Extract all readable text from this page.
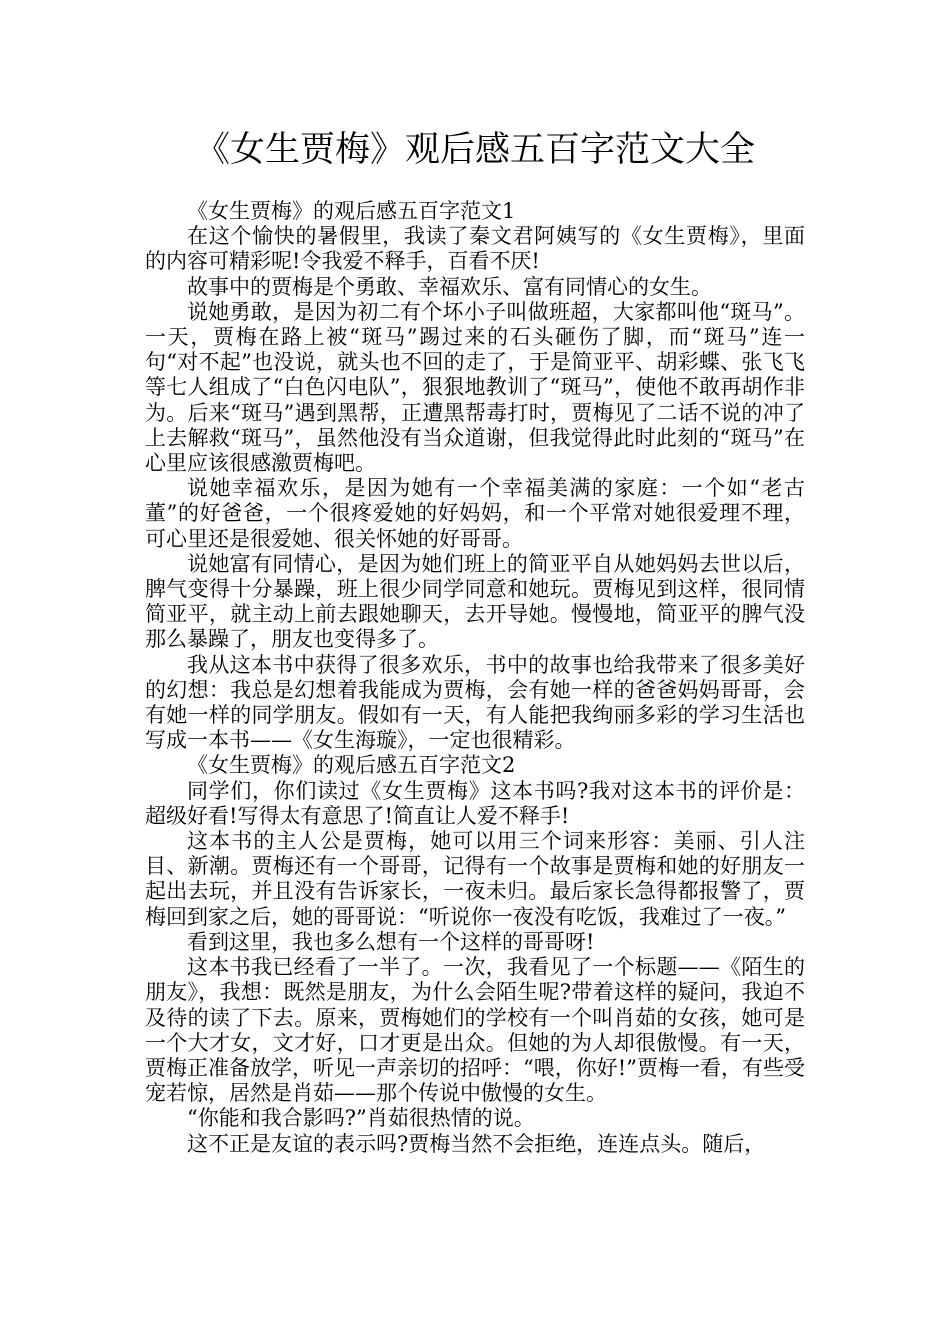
《女生贾梅》观后感五百字范文大全

《女生贾梅》的观后感五百字范文1

在这个愉快的暑假里，我读了秦文君阿姨写的《女生贾梅》，里面的内容可精彩呢!令我爱不释手，百看不厌!

故事中的贾梅是个勇敢、幸福欢乐、富有同情心的女生。

说她勇敢，是因为初二有个坏小子叫做班超，大家都叫他“斑马”。一天，贾梅在路上被“斑马”踢过来的石头砸伤了脚，而“斑马”连一句“对不起”也没说，就头也不回的走了，于是简亚平、胡彩蝶、张飞飞等七人组成了“白色闪电队”，狠狠地教训了“斑马”，使他不敢再胡作非为。后来“斑马”遇到黑帮，正遭黑帮毒打时，贾梅见了二话不说的冲了上去解救“斑马”，虽然他没有当众道谢，但我觉得此时此刻的“斑马”在心里应该很感激贾梅吧。

说她幸福欢乐，是因为她有一个幸福美满的家庭：一个如“老古董”的好爸爸，一个很疼爱她的好妈妈，和一个平常对她很爱理不理，可心里还是很爱她、很关怀她的好哥哥。

说她富有同情心，是因为她们班上的简亚平自从她妈妈去世以后，脾气变得十分暴躁，班上很少同学同意和她玩。贾梅见到这样，很同情简亚平，就主动上前去跟她聊天，去开导她。慢慢地，简亚平的脾气没那么暴躁了，朋友也变得多了。

我从这本书中获得了很多欢乐，书中的故事也给我带来了很多美好的幻想：我总是幻想着我能成为贾梅，会有她一样的爸爸妈妈哥哥，会有她一样的同学朋友。假如有一天，有人能把我绚丽多彩的学习生活也写成一本书——《女生海璇》，一定也很精彩。

《女生贾梅》的观后感五百字范文2

同学们，你们读过《女生贾梅》这本书吗?我对这本书的评价是：超级好看!写得太有意思了!简直让人爱不释手!

这本书的主人公是贾梅，她可以用三个词来形容：美丽、引人注目、新潮。贾梅还有一个哥哥，记得有一个故事是贾梅和她的好朋友一起出去玩，并且没有告诉家长，一夜未归。最后家长急得都报警了，贾梅回到家之后，她的哥哥说：“听说你一夜没有吃饭，我难过了一夜。”

看到这里，我也多么想有一个这样的哥哥呀!

这本书我已经看了一半了。一次，我看见了一个标题——《陌生的朋友》，我想：既然是朋友，为什么会陌生呢?带着这样的疑问，我迫不及待的读了下去。原来，贾梅她们的学校有一个叫肖茹的女孩，她可是一个大才女，文才好，口才更是出众。但她的为人却很傲慢。有一天，贾梅正准备放学，听见一声亲切的招呼：“喂，你好!”贾梅一看，有些受宠若惊，居然是肖茹——那个传说中傲慢的女生。

“你能和我合影吗?”肖茹很热情的说。

这不正是友谊的表示吗?贾梅当然不会拒绝，连连点头。随后，
